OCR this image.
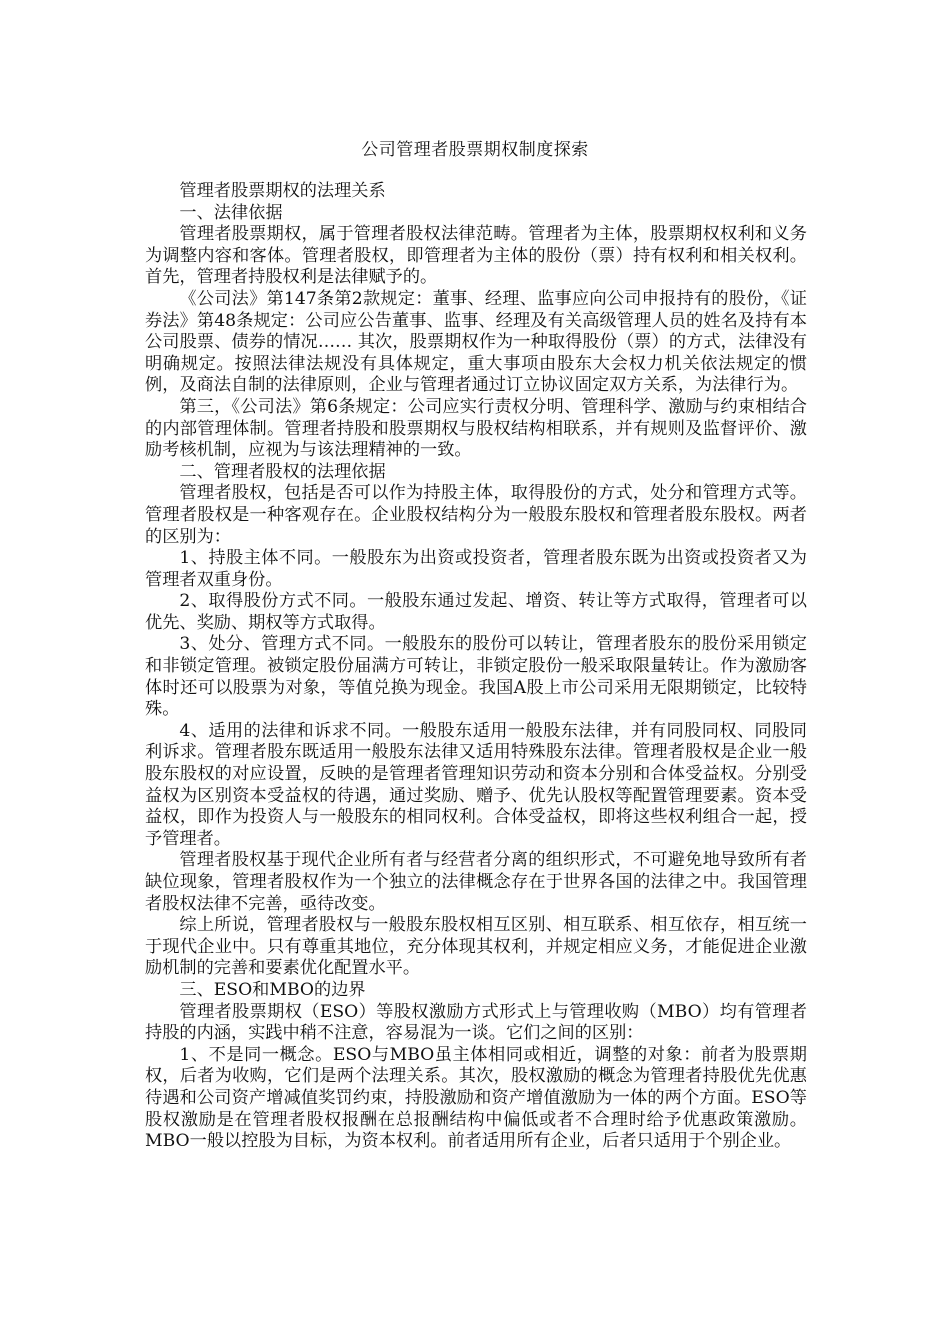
公司管理者股票期权制度探索

管理者股票期权的法理关系

一、法律依据

管理者股票期权，属于管理者股权法律范畴。管理者为主体，股票期权权利和义务为调整内容和客体。管理者股权，即管理者为主体的股份（票）持有权利和相关权利。 首先，管理者持股权利是法律赋予的。

《公司法》第147条第2款规定：董事、经理、监事应向公司申报持有的股份，《证券法》第48条规定：公司应公告董事、监事、经理及有关高级管理人员的姓名及持有本公司股票、债券的情况…… 其次，股票期权作为一种取得股份（票）的方式，法律没有明确规定。按照法律法规没有具体规定，重大事项由股东大会权力机关依法规定的惯例，及商法自制的法律原则，企业与管理者通过订立协议固定双方关系，为法律行为。

第三，《公司法》第6条规定：公司应实行责权分明、管理科学、激励与约束相结合的内部管理体制。管理者持股和股票期权与股权结构相联系，并有规则及监督评价、激励考核机制，应视为与该法理精神的一致。

二、管理者股权的法理依据

管理者股权，包括是否可以作为持股主体，取得股份的方式，处分和管理方式等。管理者股权是一种客观存在。企业股权结构分为一般股东股权和管理者股东股权。两者的区别为：

1、持股主体不同。一般股东为出资或投资者，管理者股东既为出资或投资者又为管理者双重身份。

2、取得股份方式不同。一般股东通过发起、增资、转让等方式取得，管理者可以优先、奖励、期权等方式取得。

3、处分、管理方式不同。一般股东的股份可以转让，管理者股东的股份采用锁定和非锁定管理。被锁定股份届满方可转让，非锁定股份一般采取限量转让。作为激励客体时还可以股票为对象，等值兑换为现金。我国A股上市公司采用无限期锁定，比较特殊。

4、适用的法律和诉求不同。一般股东适用一般股东法律，并有同股同权、同股同利诉求。管理者股东既适用一般股东法律又适用特殊股东法律。管理者股权是企业一般股东股权的对应设置，反映的是管理者管理知识劳动和资本分别和合体受益权。分别受益权为区别资本受益权的待遇，通过奖励、赠予、优先认股权等配置管理要素。资本受益权，即作为投资人与一般股东的相同权利。合体受益权，即将这些权利组合一起，授予管理者。

管理者股权基于现代企业所有者与经营者分离的组织形式，不可避免地导致所有者缺位现象，管理者股权作为一个独立的法律概念存在于世界各国的法律之中。我国管理者股权法律不完善，亟待改变。

综上所说，管理者股权与一般股东股权相互区别、相互联系、相互依存，相互统一于现代企业中。只有尊重其地位，充分体现其权利，并规定相应义务，才能促进企业激励机制的完善和要素优化配置水平。

三、ESO和MBO的边界

管理者股票期权（ESO）等股权激励方式形式上与管理收购（MBO）均有管理者持股的内涵，实践中稍不注意，容易混为一谈。它们之间的区别：

1、不是同一概念。ESO与MBO虽主体相同或相近，调整的对象：前者为股票期权，后者为收购，它们是两个法理关系。其次，股权激励的概念为管理者持股优先优惠待遇和公司资产增减值奖罚约束，持股激励和资产增值激励为一体的两个方面。ESO等股权激励是在管理者股权报酬在总报酬结构中偏低或者不合理时给予优惠政策激励。MBO一般以控股为目标，为资本权利。前者适用所有企业，后者只适用于个别企业。
